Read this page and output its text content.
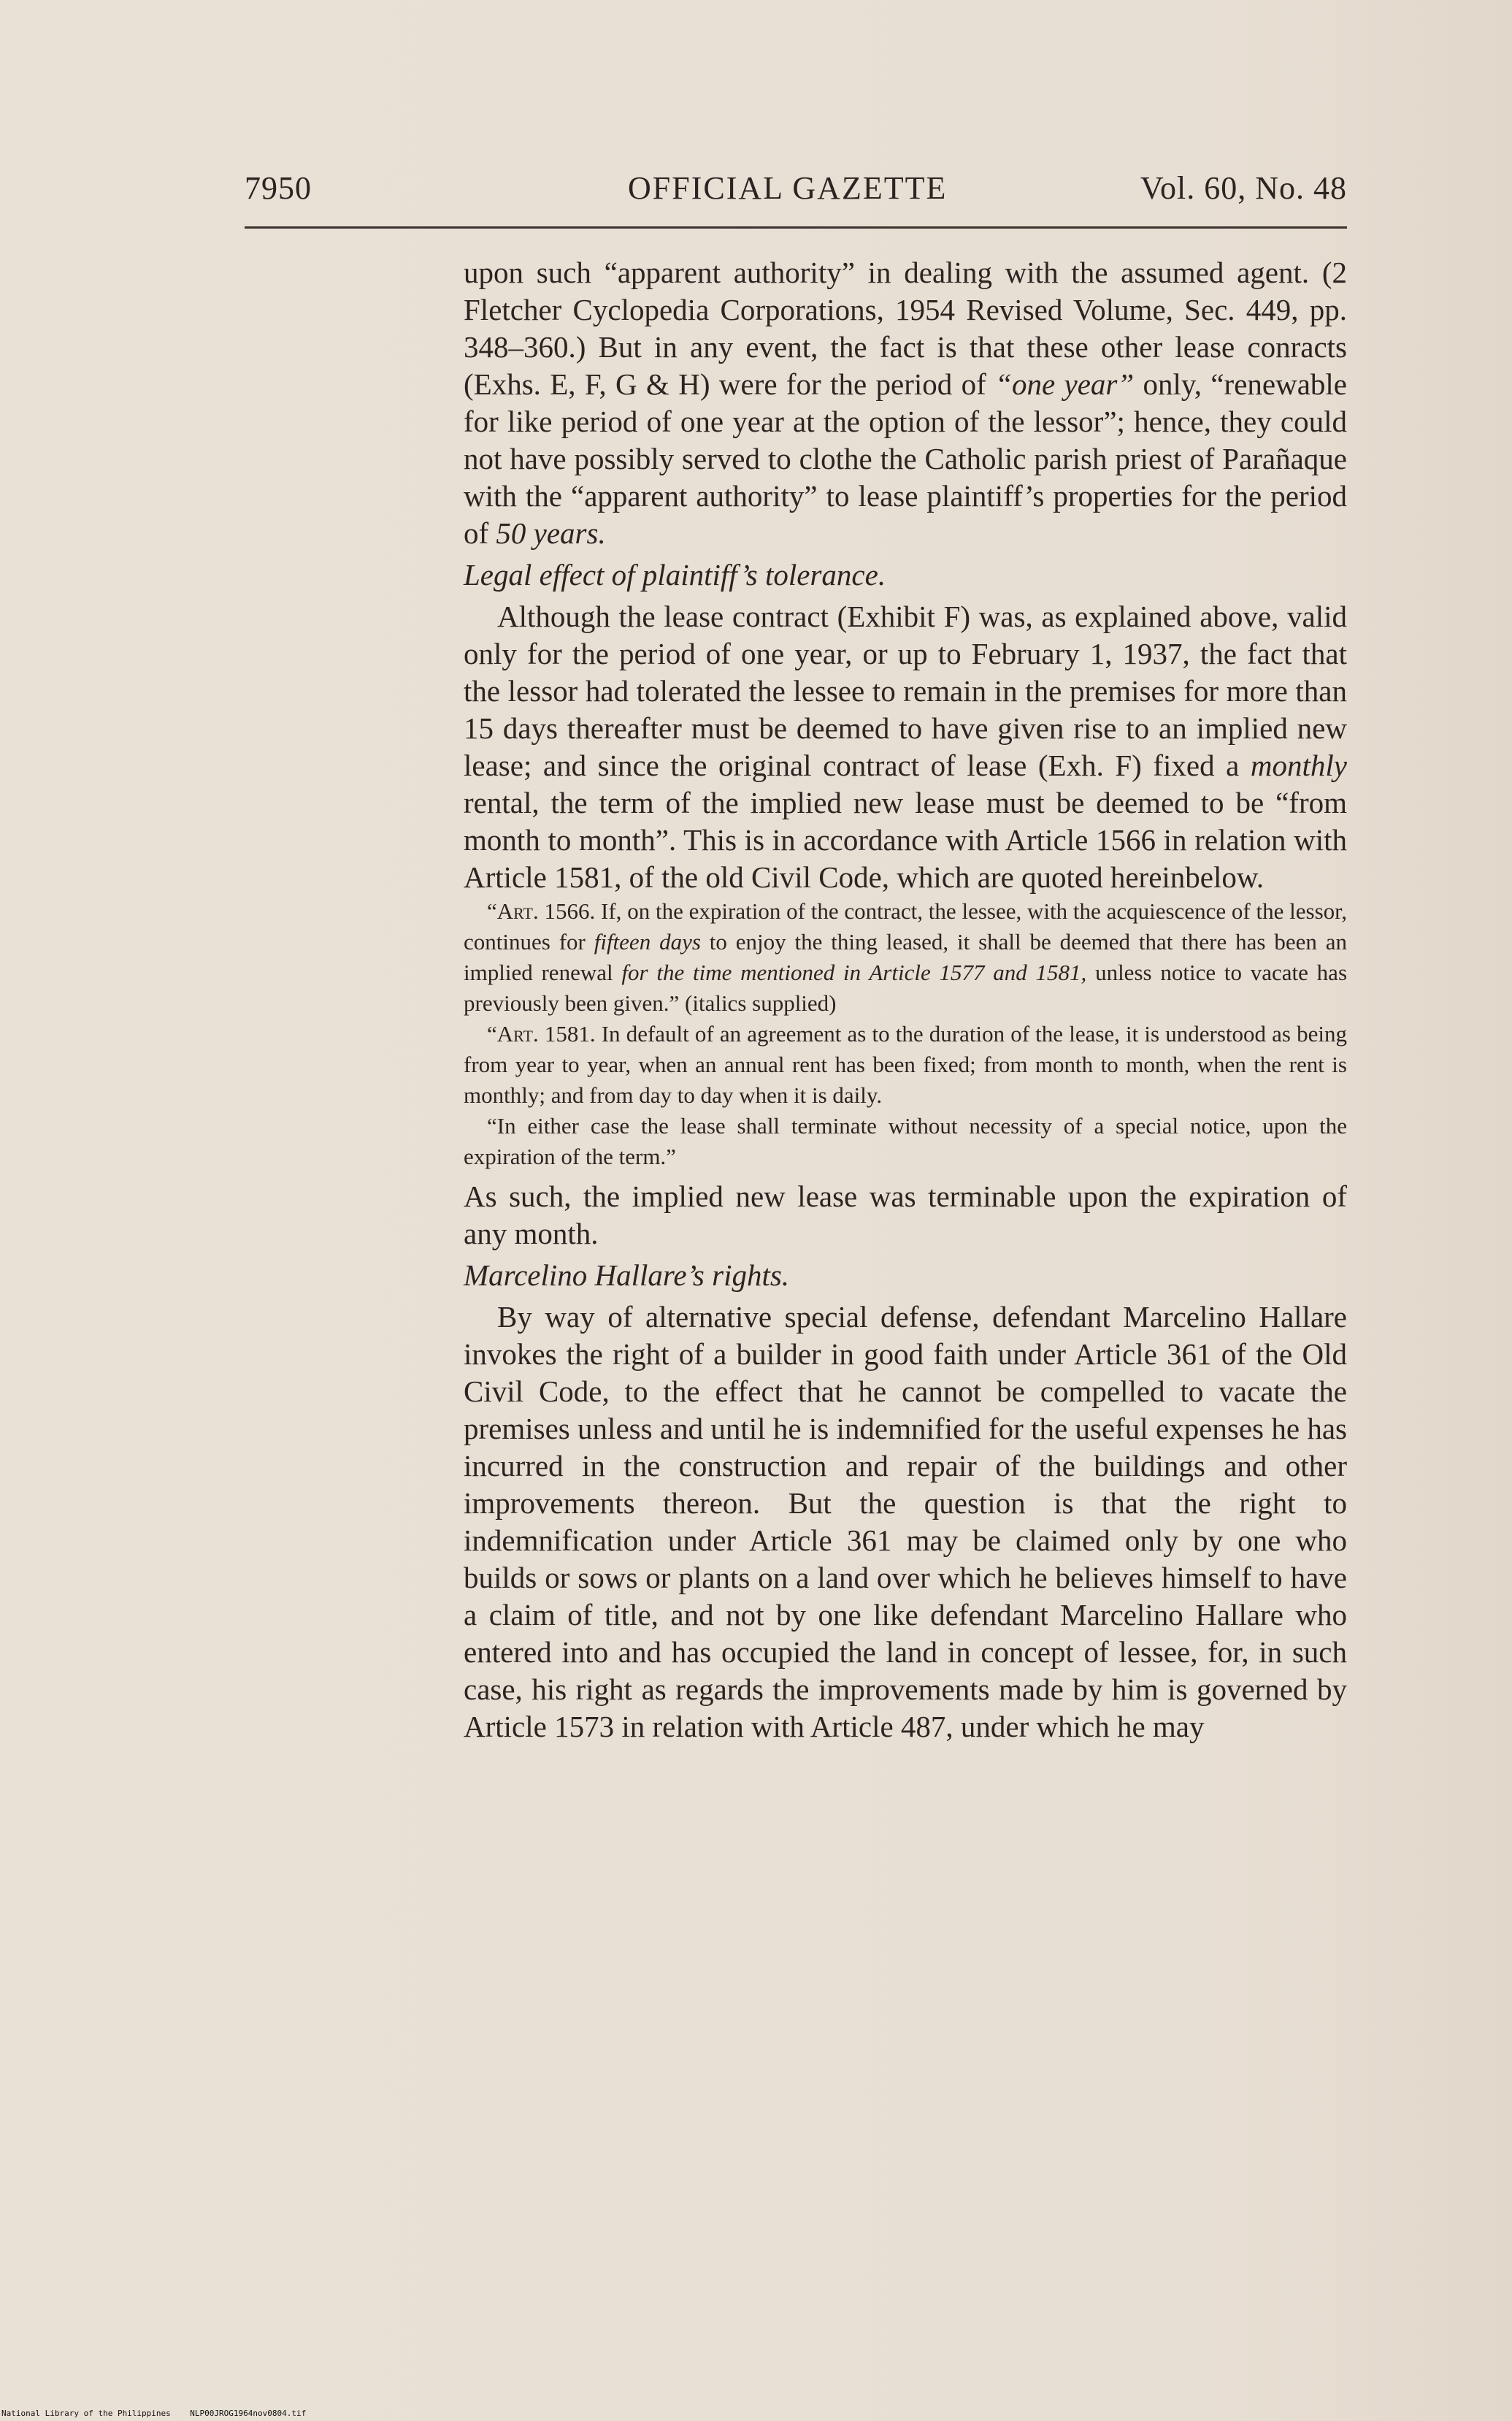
7950	OFFICIAL GAZETTE	Vol. 60, No. 48

upon such “apparent authority” in dealing with the assumed agent. (2 Fletcher Cyclopedia Corporations, 1954 Revised Volume, Sec. 449, pp. 348–360.) But in any event, the fact is that these other lease conracts (Exhs. E, F, G & H) were for the period of “one year” only, “renewable for like period of one year at the option of the lessor”; hence, they could not have possibly served to clothe the Catholic parish priest of Parañaque with the “apparent authority” to lease plaintiff’s properties for the period of 50 years.

Legal effect of plaintiff’s tolerance.

Although the lease contract (Exhibit F) was, as explained above, valid only for the period of one year, or up to February 1, 1937, the fact that the lessor had tolerated the lessee to remain in the premises for more than 15 days thereafter must be deemed to have given rise to an implied new lease; and since the original contract of lease (Exh. F) fixed a monthly rental, the term of the implied new lease must be deemed to be “from month to month”. This is in accordance with Article 1566 in relation with Article 1581, of the old Civil Code, which are quoted hereinbelow.

“Art. 1566. If, on the expiration of the contract, the lessee, with the acquiescence of the lessor, continues for fifteen days to enjoy the thing leased, it shall be deemed that there has been an implied renewal for the time mentioned in Article 1577 and 1581, unless notice to vacate has previously been given.” (italics supplied)

“Art. 1581. In default of an agreement as to the duration of the lease, it is understood as being from year to year, when an annual rent has been fixed; from month to month, when the rent is monthly; and from day to day when it is daily.

“In either case the lease shall terminate without necessity of a special notice, upon the expiration of the term.”

As such, the implied new lease was terminable upon the expiration of any month.

Marcelino Hallare’s rights.

By way of alternative special defense, defendant Marcelino Hallare invokes the right of a builder in good faith under Article 361 of the Old Civil Code, to the effect that he cannot be compelled to vacate the premises unless and until he is indemnified for the useful expenses he has incurred in the construction and repair of the buildings and other improvements thereon. But the question is that the right to indemnification under Article 361 may be claimed only by one who builds or sows or plants on a land over which he believes himself to have a claim of title, and not by one like defendant Marcelino Hallare who entered into and has occupied the land in concept of lessee, for, in such case, his right as regards the improvements made by him is governed by Article 1573 in relation with Article 487, under which he may

National Library of the Philippines NLP00JROG1964nov0804.tif
